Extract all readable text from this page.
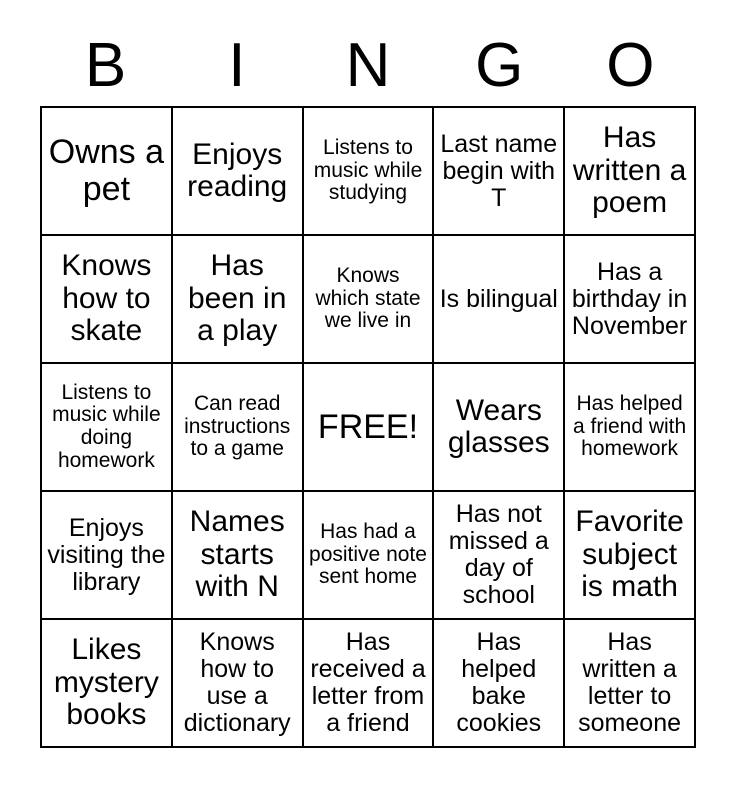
B	I	N	G	O
Owns a pet	Enjoys reading	Listens to music while studying	Last name begin with T	Has written a poem
Knows how to skate	Has been in a play	Knows which state we live in	Is bilingual	Has a birthday in November
Listens to music while doing homework	Can read instructions to a game	FREE!	Wears glasses	Has helped a friend with homework
Enjoys visiting the library	Names starts with N	Has had a positive note sent home	Has not missed a day of school	Favorite subject is math
Likes mystery books	Knows how to use a dictionary	Has received a letter from a friend	Has helped bake cookies	Has written a letter to someone
